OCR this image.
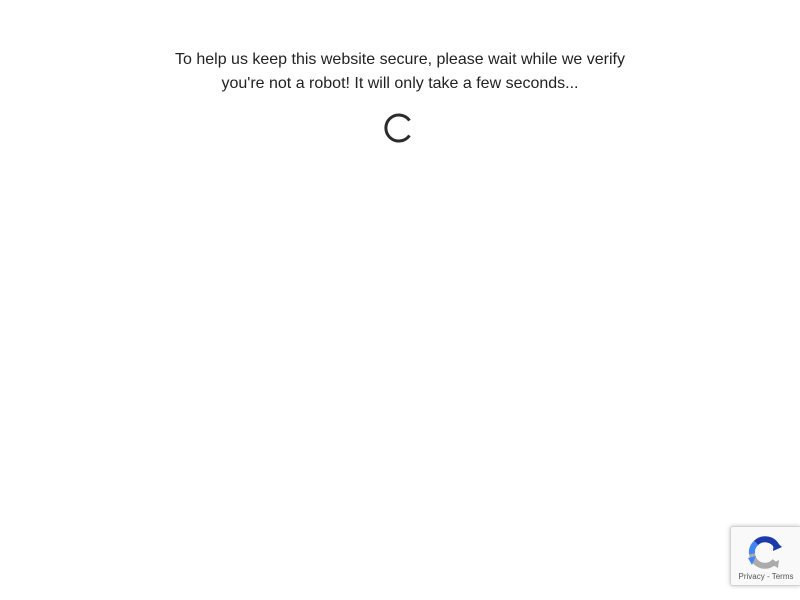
To help us keep this website secure, please wait while we verify
you're not a robot! It will only take a few seconds...
Privacy - Terms
